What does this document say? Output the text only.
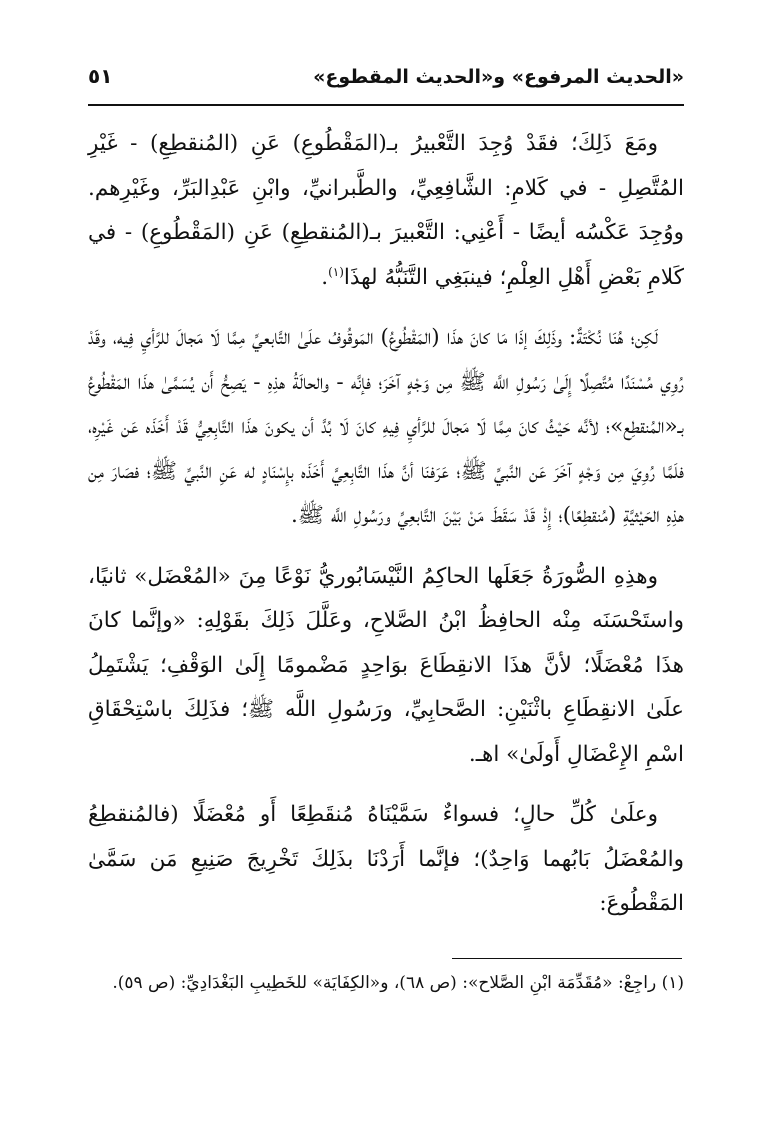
«الحديث المرفوع» و«الحديث المقطوع»
٥١

ومَعَ ذَلِكَ؛ فقَدْ وُجِدَ التَّعْبيرُ بـ(المَقْطُوعِ) عَنِ (المُنقطِعِ) - غَيْرِ المُتَّصِلِ - في كَلامِ: الشَّافِعِيِّ، والطَّبرانيِّ، وابْنِ عَبْدِالبَرِّ، وغَيْرِهم. ووُجِدَ عَكْسُه أيضًا - أَعْنِي: التَّعْبيرَ بـ(المُنقطِعِ) عَنِ (المَقْطُوعِ) - في كَلامِ بَعْضِ أَهْلِ العِلْمِ؛ فينبَغِي التَّنَبُّهُ لهذَا$^{(١)}$.

لَكِن؛ هُنَا نُكْتَةٌ: وذَلِكَ إذَا مَا كانَ هذَا (المَقْطُوعُ) المَوقُوفُ علَىٰ التَّابعيِّ مِمَّا لَا مَجالَ للرَّأيِ فِيه، وقَدْ رُوِي مُسْنَدًا مُتَّصِلًا إِلَىٰ رَسُولِ اللَّه ﷺ مِن وَجْهٍ آخَرَ؛ فإنَّه - والحالَةُ هذِهِ - يَصِحُّ أَن يُسَمَّىٰ هذَا المَقْطُوعُ بـ«المُنقطِع»؛ لأنَّه حَيْثُ كانَ مِمَّا لَا مَجالَ للرَّأيِ فِيهِ كانَ لَا بُدَّ أن يكونَ هذَا التَّابِعِيُّ قَدْ أَخَذَه عَن غَيْرِه، فلَمَّا رُوِيَ مِن وَجْهٍ آخَرَ عَن النَّبيِّ ﷺ؛ عَرَفنَا أنَّ هذَا التَّابِعِيَّ أَخَذَه بإِسْنَادٍ له عَنِ النَّبيِّ ﷺ؛ فصَارَ مِن هذِهِ الحَيْثيَّةِ (مُنقطِعًا)؛ إِذْ قَدْ سَقَطَ مَنْ بَيْنَ التَّابعِيِّ ورَسُولِ اللَّه ﷺ.

وهذِهِ الصُّورَةُ جَعَلَها الحاكِمُ النَّيْسَابُوريُّ نَوْعًا مِنَ «المُعْضَل» ثانيًا، واستَحْسَنَه مِنْه الحافِظُ ابْنُ الصَّلاحِ، وعَلَّلَ ذَلِكَ بقَوْلِهِ: «وإنَّما كانَ هذَا مُعْضَلًا؛ لأنَّ هذَا الانقِطَاعَ بوَاحِدٍ مَضْمومًا إِلَىٰ الوَقْفِ؛ يَشْتَمِلُ علَىٰ الانقِطَاعِ باثْنَيْنِ: الصَّحابِيِّ، ورَسُولِ اللَّه ﷺ؛ فذَلِكَ باسْتِحْقَاقِ اسْمِ الإِعْضَالِ أَولَىٰ» اهـ.

وعلَىٰ كُلِّ حالٍ؛ فسواءٌ سَمَّيْنَاهُ مُنقَطِعًا أَو مُعْضَلًا (فالمُنقطِعُ والمُعْضَلُ بَابُهما وَاحِدٌ)؛ فإنَّما أَرَدْنَا بذَلِكَ تَخْرِيجَ صَنِيعِ مَن سَمَّىٰ المَقْطُوعَ:

(١) راجِعْ: «مُقَدِّمَة ابْنِ الصَّلاح»: (ص ٦٨)، و«الكِفَايَة» للخَطِيبِ البَغْدَادِيِّ: (ص ٥٩).
